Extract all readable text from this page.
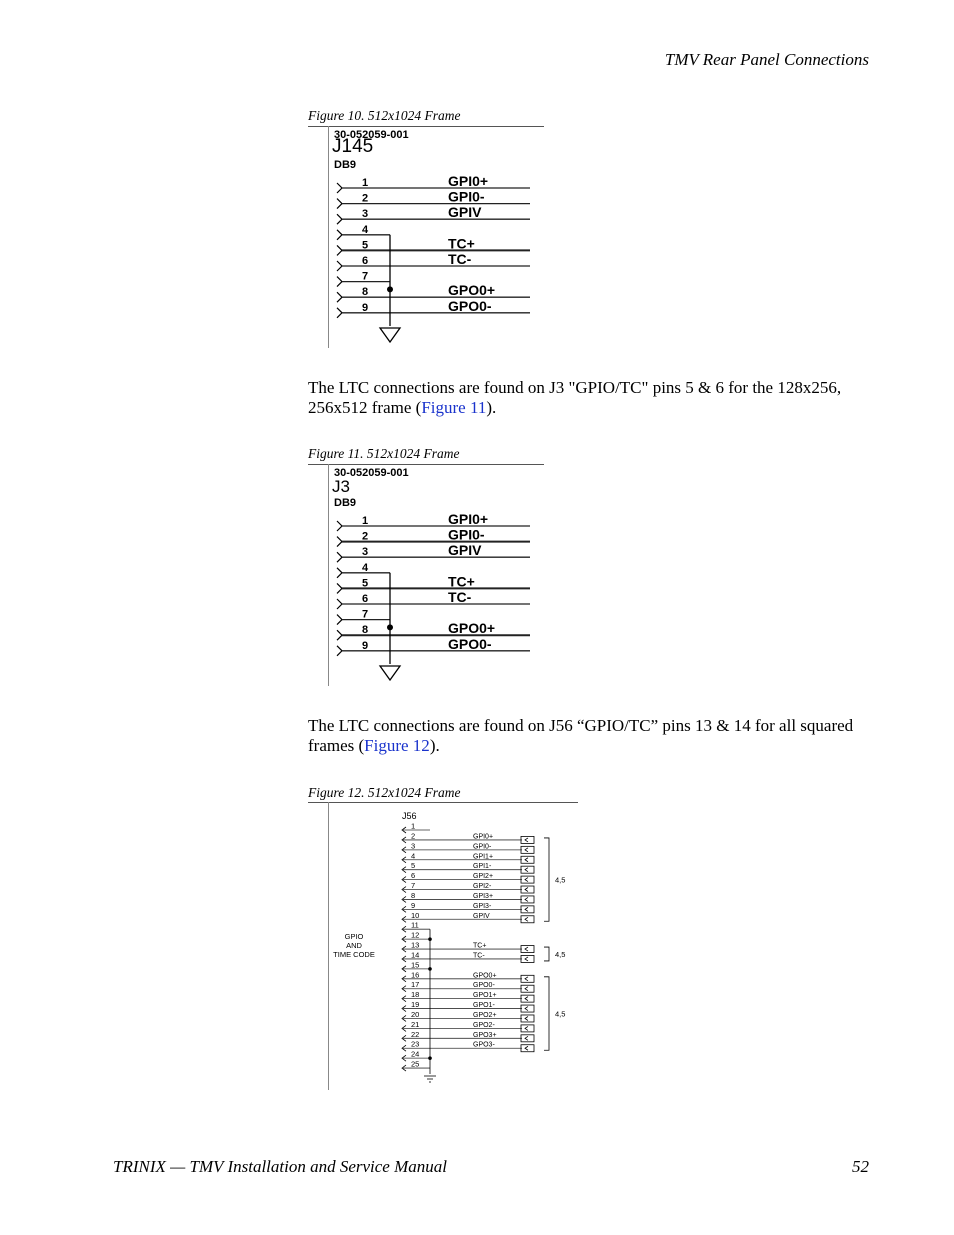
TMV Rear Panel Connections
Figure 10. 512x1024 Frame
30-052059-001
J145
DB9
1	GPI0+
2	GPI0-
3	GPIV
4
5	TC+
6	TC-
7
8	GPO0+
9	GPO0-
The LTC connections are found on J3 "GPIO/TC" pins 5 & 6 for the 128x256, 256x512 frame (Figure 11).
Figure 11. 512x1024 Frame
30-052059-001
J3
DB9
1	GPI0+
2	GPI0-
3	GPIV
4
5	TC+
6	TC-
7
8	GPO0+
9	GPO0-
The LTC connections are found on J56 “GPIO/TC” pins 13 & 14 for all squared frames (Figure 12).
Figure 12. 512x1024 Frame
J56
GPIO
AND
TIME CODE
1
2	GPI0+
3	GPI0-
4	GPI1+
5	GPI1-
6	GPI2+
7	GPI2-
8	GPI3+
9	GPI3-
10	GPIV
11
12
13	TC+
14	TC-
15
16	GPO0+
17	GPO0-
18	GPO1+
19	GPO1-
20	GPO2+
21	GPO2-
22	GPO3+
23	GPO3-
24
25
4,5
4,5
4,5
TRINIX — TMV Installation and Service Manual	52
